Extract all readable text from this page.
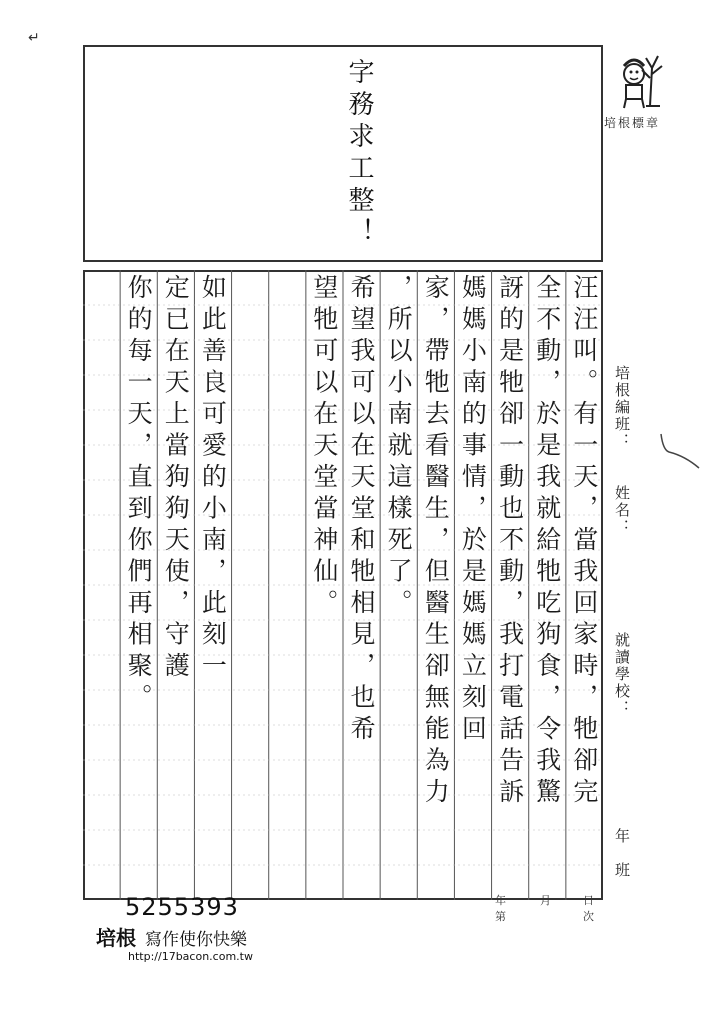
↵
字務求工整！	培根標章
汪汪叫。有一天，當我回家時，牠卻完
全不動，於是我就給牠吃狗食，令我驚
訝的是牠卻一動也不動，我打電話告訴
媽媽小南的事情，於是媽媽立刻回
家，帶牠去看醫生，但醫生卻無能為力
，所以小南就這樣死了。
希望我可以在天堂和牠相見，也希
望牠可以在天堂當神仙。
如此善良可愛的小南，此刻一
定已在天上當狗狗天使，守護
你的每一天，直到你們再相聚。	培根編班：
姓名：
就讀學校：
年　班
年
第
月	日
次
5255393
培根 寫作使你快樂
http://17bacon.com.tw
